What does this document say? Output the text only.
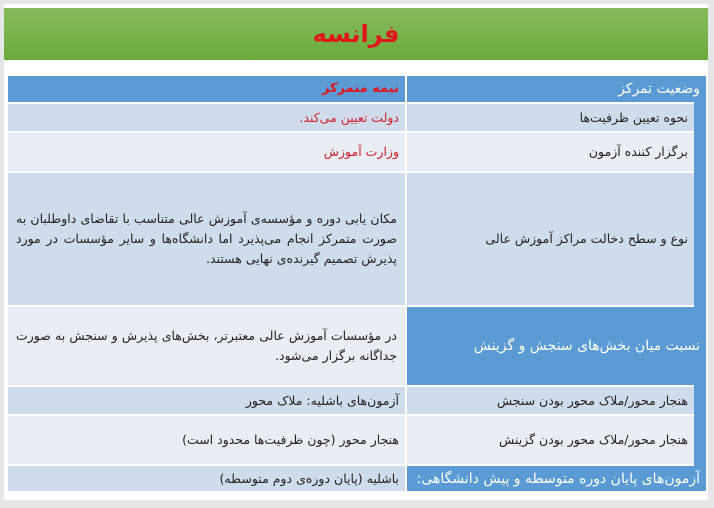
فرانسه
وضعیت تمرکز
نیمه متمرکز
نحوه تعیین ظرفیت‌ها
دولت تعیین می‌کند.
برگزار کننده آزمون
وزارت آموزش
نوع و سطح دخالت مراکز آموزش عالی
مکان یابی دوره و مؤسسه‌ی آموزش عالی متناسب با تقاضای داوطلبان به صورت متمرکز انجام می‌پذیرد اما دانشگاه‌ها و سایر مؤسسات در مورد پذیرش تصمیم گیرنده‌ی نهایی هستند.
نسبت میان بخش‌های سنجش و گزینش
در مؤسسات آموزش عالی معتبرتر، بخش‌های پذیرش و سنجش به صورت جداگانه برگزار می‌شود.
هنجار محور/ملاک محور بودن سنجش
آزمون‌های باشلیه: ملاک محور
هنجار محور/ملاک محور بودن گزینش
هنجار محور (چون ظرفیت‌ها محدود است)
آزمون‌های پایان دوره متوسطه و پیش دانشگاهی:
باشلیه (پایان دوره‌ی دوم متوسطه)
